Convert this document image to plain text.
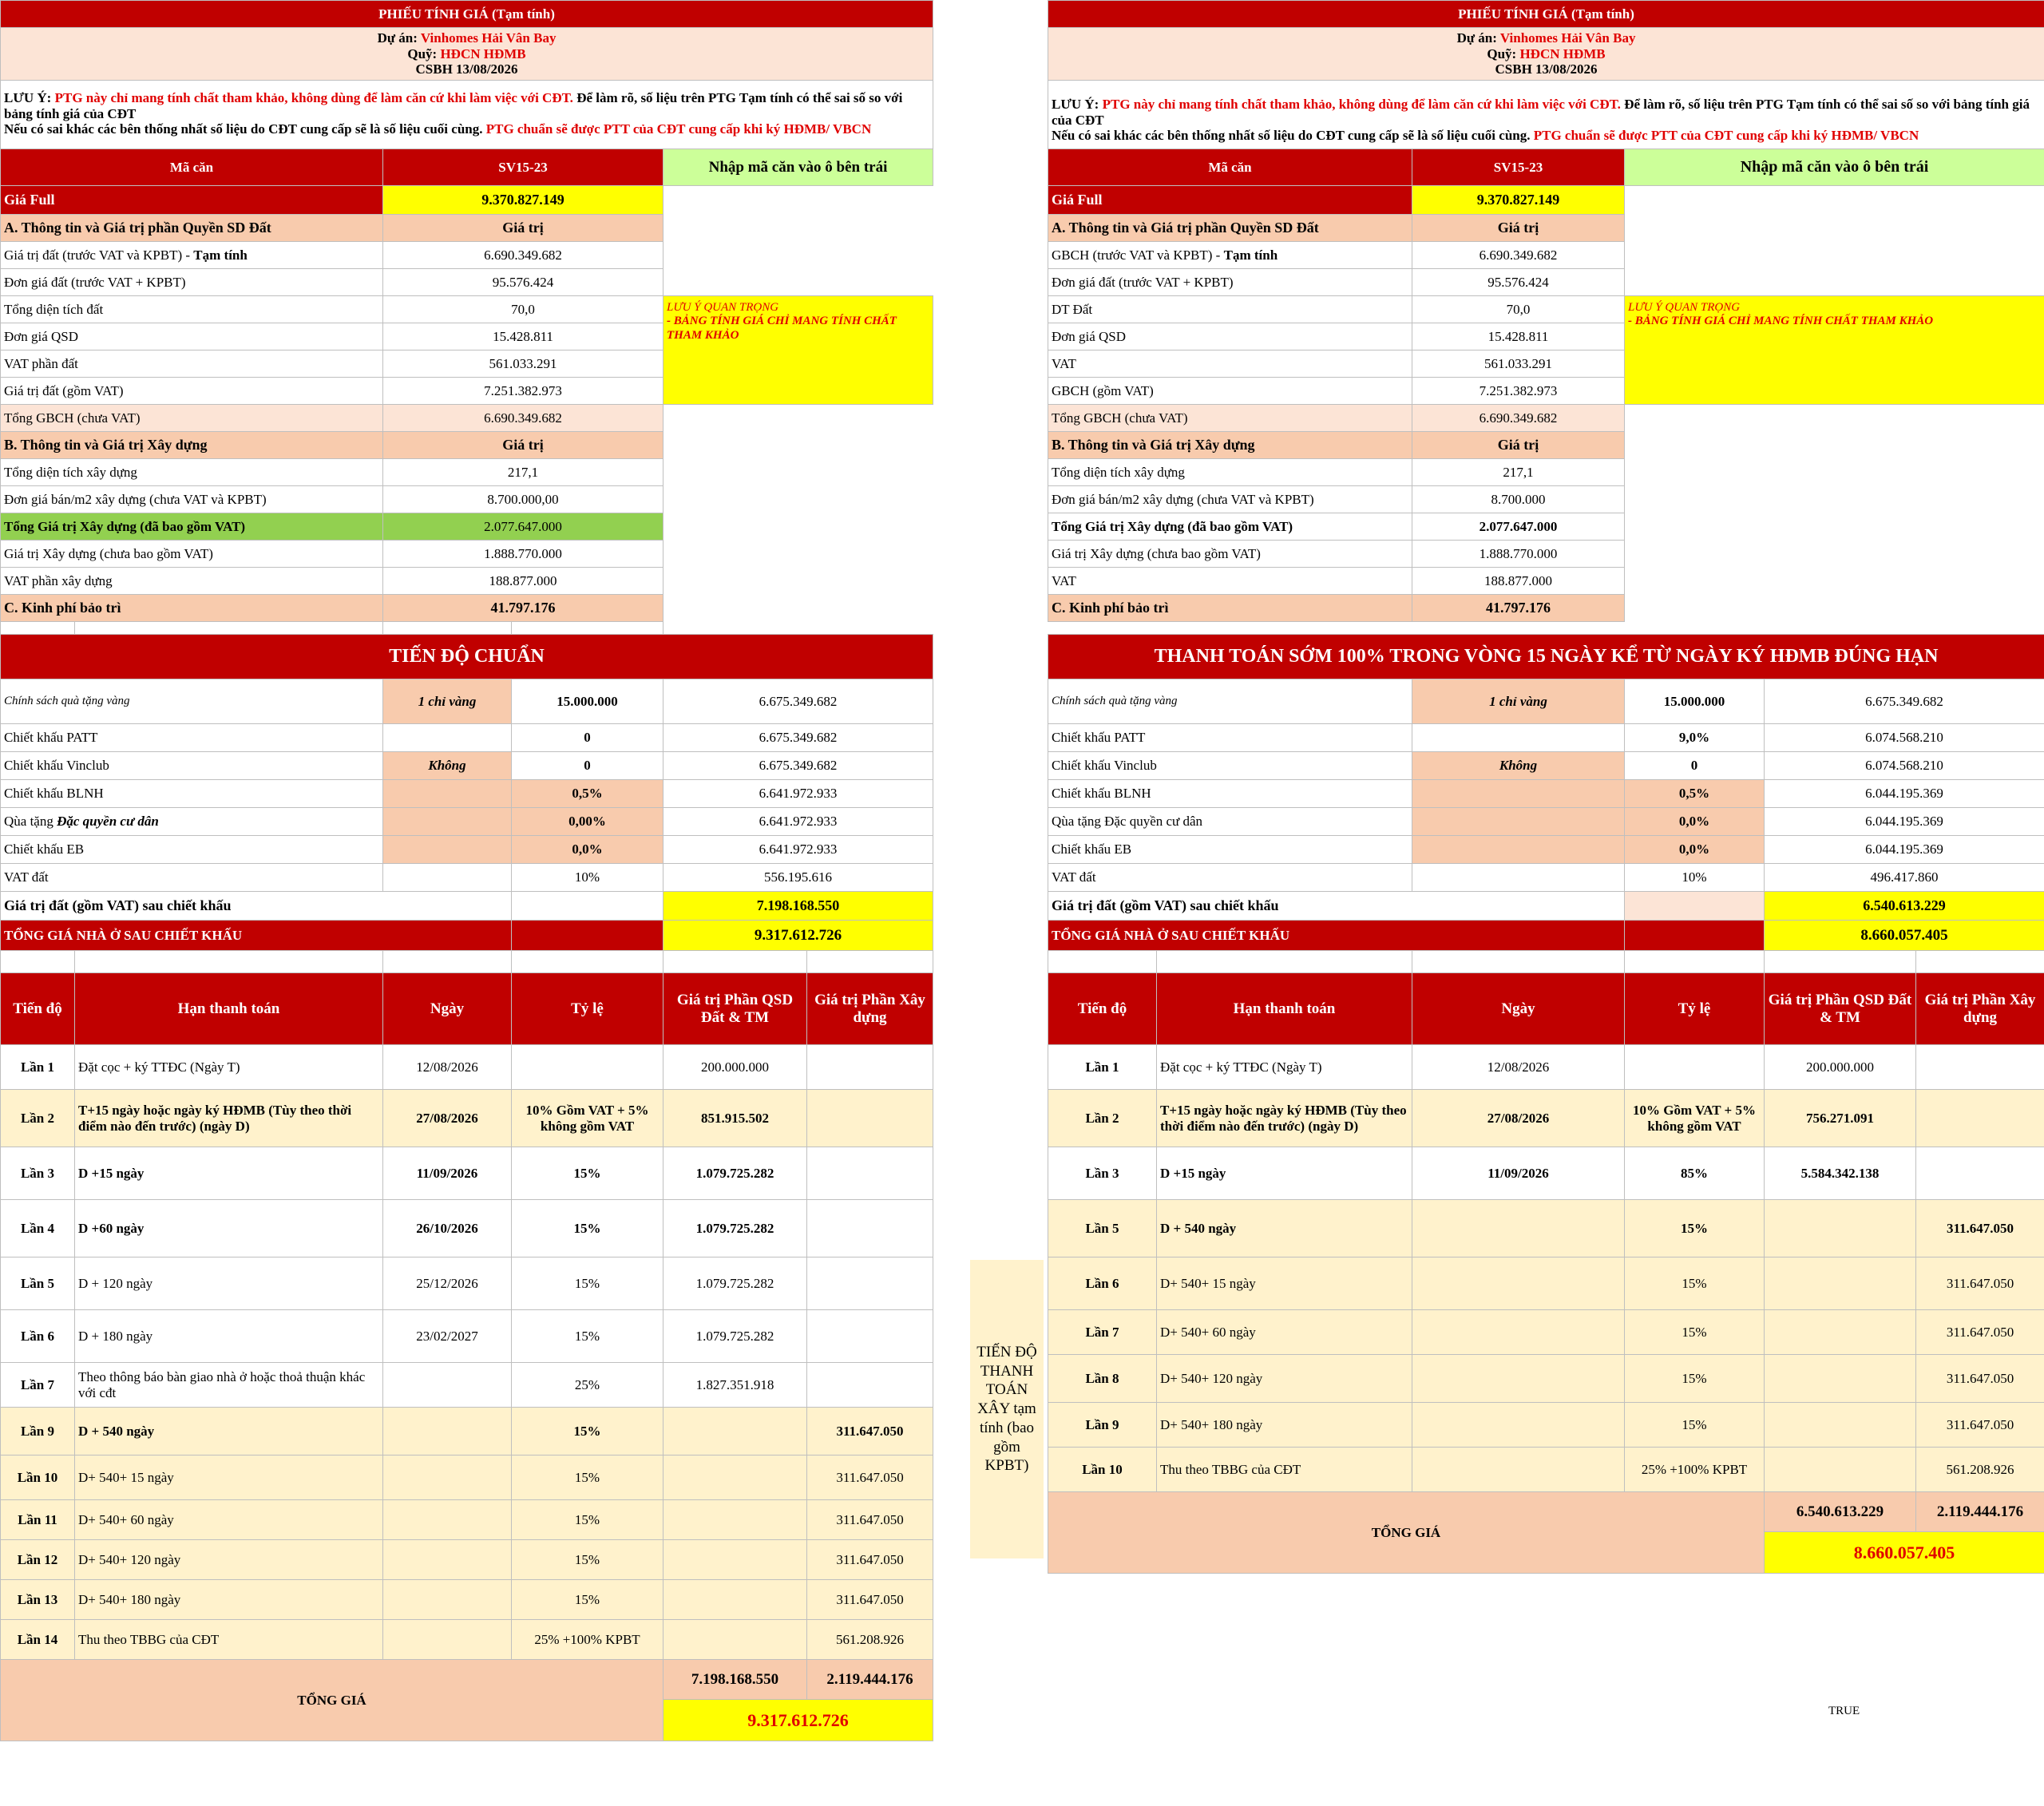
PHIẾU TÍNH GIÁ (Tạm tính)					

Dự án: Vinhomes Hải Vân Bay
Quỹ: HĐCN HĐMB
CSBH 13/08/2026					

LƯU Ý: PTG này chỉ mang tính chất tham khảo, không dùng để làm căn cứ khi làm việc với CĐT. Để làm rõ, số liệu trên PTG Tạm tính có thể sai số so với bảng tính giá của CĐT
Nếu có sai khác các bên thống nhất số liệu do CĐT cung cấp sẽ là số liệu cuối cùng. PTG chuẩn sẽ được PTT của CĐT cung cấp khi ký HĐMB/ VBCN					
Mã căn		SV15-23		Nhập mã căn vào ô bên trái	
Giá Full		9.370.827.149			
A. Thông tin và Giá trị phần Quyền SD Đất		Giá trị			
Giá trị đất (trước VAT và KPBT) - Tạm tính		6.690.349.682			
Đơn giá đất (trước VAT + KPBT)		95.576.424			
Tổng diện tích đất		70,0		LƯU Ý QUAN TRỌNG
- BẢNG TÍNH GIÁ CHỈ MANG TÍNH CHẤT THAM KHẢO	

Đơn giá QSD		15.428.811			
VAT phần đất		561.033.291			
Giá trị đất (gồm VAT)		7.251.382.973			
Tổng GBCH (chưa VAT)		6.690.349.682			
B. Thông tin và Giá trị Xây dựng		Giá trị			
Tổng diện tích xây dựng		217,1			
Đơn giá bán/m2 xây dựng (chưa VAT và KPBT)		8.700.000,00			
Tổng Giá trị Xây dựng (đã bao gồm VAT)		2.077.647.000			
Giá trị Xây dựng (chưa bao gồm VAT)		1.888.770.000			
VAT phần xây dựng		188.877.000			
C. Kinh phí bảo trì		41.797.176			

TIẾN ĐỘ CHUẨN					
Chính sách quà tặng vàng		1 chỉ vàng	15.000.000	6.675.349.682	
Chiết khấu PATT			0	6.675.349.682	
Chiết khấu Vinclub		Không	0	6.675.349.682	
Chiết khấu BLNH			0,5%	6.641.972.933	
Qùa tặng Đặc quyền cư dân			0,00%	6.641.972.933	
Chiết khấu EB			0,0%	6.641.972.933	
VAT đất			10%	556.195.616	
Giá trị đất (gồm VAT) sau chiết khấu				7.198.168.550	
TỔNG GIÁ NHÀ Ở SAU CHIẾT KHẤU				9.317.612.726	

Tiến độ	Hạn thanh toán	Ngày	Tỷ lệ	Giá trị Phần QSD Đất & TM	Giá trị Phần Xây dựng
Lần 1	Đặt cọc + ký TTĐC (Ngày T)	12/08/2026		200.000.000	
Lần 2	T+15 ngày hoặc ngày ký HĐMB (Tùy theo thời điểm nào đến trước) (ngày D)	27/08/2026	10% Gồm VAT + 5% không gồm VAT	851.915.502	
Lần 3	D +15 ngày	11/09/2026	15%	1.079.725.282	
Lần 4	D +60 ngày	26/10/2026	15%	1.079.725.282	
Lần 5	D + 120 ngày	25/12/2026	15%	1.079.725.282	
Lần 6	D + 180 ngày	23/02/2027	15%	1.079.725.282	
Lần 7	Theo thông báo bàn giao nhà ở hoặc thoả thuận khác với cđt		25%	1.827.351.918	
Lần 9	D + 540 ngày		15%		311.647.050
Lần 10	D+ 540+ 15 ngày		15%		311.647.050
Lần 11	D+ 540+ 60 ngày		15%		311.647.050
Lần 12	D+ 540+ 120 ngày		15%		311.647.050
Lần 13	D+ 540+ 180 ngày		15%		311.647.050
Lần 14	Thu theo TBBG của CĐT		25% +100% KPBT		561.208.926
TỔNG GIÁ				7.198.168.550	2.119.444.176
				9.317.612.726	
PHIẾU TÍNH GIÁ (Tạm tính)					

Dự án: Vinhomes Hải Vân Bay
Quỹ: HĐCN HĐMB
CSBH 13/08/2026					

LƯU Ý: PTG này chỉ mang tính chất tham khảo, không dùng để làm căn cứ khi làm việc với CĐT. Để làm rõ, số liệu trên PTG Tạm tính có thể sai số so với bảng tính giá của CĐT
Nếu có sai khác các bên thống nhất số liệu do CĐT cung cấp sẽ là số liệu cuối cùng. PTG chuẩn sẽ được PTT của CĐT cung cấp khi ký HĐMB/ VBCN					
Mã căn		SV15-23	Nhập mã căn vào ô bên trái		
Giá Full		9.370.827.149			
A. Thông tin và Giá trị phần Quyền SD Đất		Giá trị			
GBCH (trước VAT và KPBT) - Tạm tính		6.690.349.682			
Đơn giá đất (trước VAT + KPBT)		95.576.424			
DT Đất		70,0	LƯU Ý QUAN TRỌNG
- BẢNG TÍNH GIÁ CHỈ MANG TÍNH CHẤT THAM KHẢO		

Đơn giá QSD		15.428.811			
VAT		561.033.291			
GBCH (gồm VAT)		7.251.382.973			
Tổng GBCH (chưa VAT)		6.690.349.682			
B. Thông tin và Giá trị Xây dựng		Giá trị			
Tổng diện tích xây dựng		217,1			
Đơn giá bán/m2 xây dựng (chưa VAT và KPBT)		8.700.000			
Tổng Giá trị Xây dựng (đã bao gồm VAT)		2.077.647.000			
Giá trị Xây dựng (chưa bao gồm VAT)		1.888.770.000			
VAT		188.877.000			
C. Kinh phí bảo trì		41.797.176			

THANH TOÁN SỚM 100% TRONG VÒNG 15 NGÀY KỂ TỪ NGÀY KÝ HĐMB ĐÚNG HẠN					
Chính sách quà tặng vàng		1 chỉ vàng	15.000.000	6.675.349.682	
Chiết khấu PATT			9,0%	6.074.568.210	
Chiết khấu Vinclub		Không	0	6.074.568.210	
Chiết khấu BLNH			0,5%	6.044.195.369	
Qùa tặng Đặc quyền cư dân			0,0%	6.044.195.369	
Chiết khấu EB			0,0%	6.044.195.369	
VAT đất			10%	496.417.860	
Giá trị đất (gồm VAT) sau chiết khấu				6.540.613.229	
TỔNG GIÁ NHÀ Ở SAU CHIẾT KHẤU				8.660.057.405	

Tiến độ	Hạn thanh toán	Ngày	Tỷ lệ	Giá trị Phần QSD Đất & TM	Giá trị Phần Xây dựng
Lần 1	Đặt cọc + ký TTĐC (Ngày T)	12/08/2026		200.000.000	
Lần 2	T+15 ngày hoặc ngày ký HĐMB (Tùy theo thời điểm nào đến trước) (ngày D)	27/08/2026	10% Gồm VAT + 5% không gồm VAT	756.271.091	
Lần 3	D +15 ngày	11/09/2026	85%	5.584.342.138	
Lần 5	D + 540 ngày		15%		311.647.050
Lần 6	D+ 540+ 15 ngày		15%		311.647.050
Lần 7	D+ 540+ 60 ngày		15%		311.647.050
Lần 8	D+ 540+ 120 ngày		15%		311.647.050
Lần 9	D+ 540+ 180 ngày		15%		311.647.050
Lần 10	Thu theo TBBG của CĐT		25% +100% KPBT		561.208.926
TỔNG GIÁ				6.540.613.229	2.119.444.176
				8.660.057.405	
TIẾN ĐỘ THANH TOÁN XÂY tạm tính (bao gồm KPBT)
TRUE
